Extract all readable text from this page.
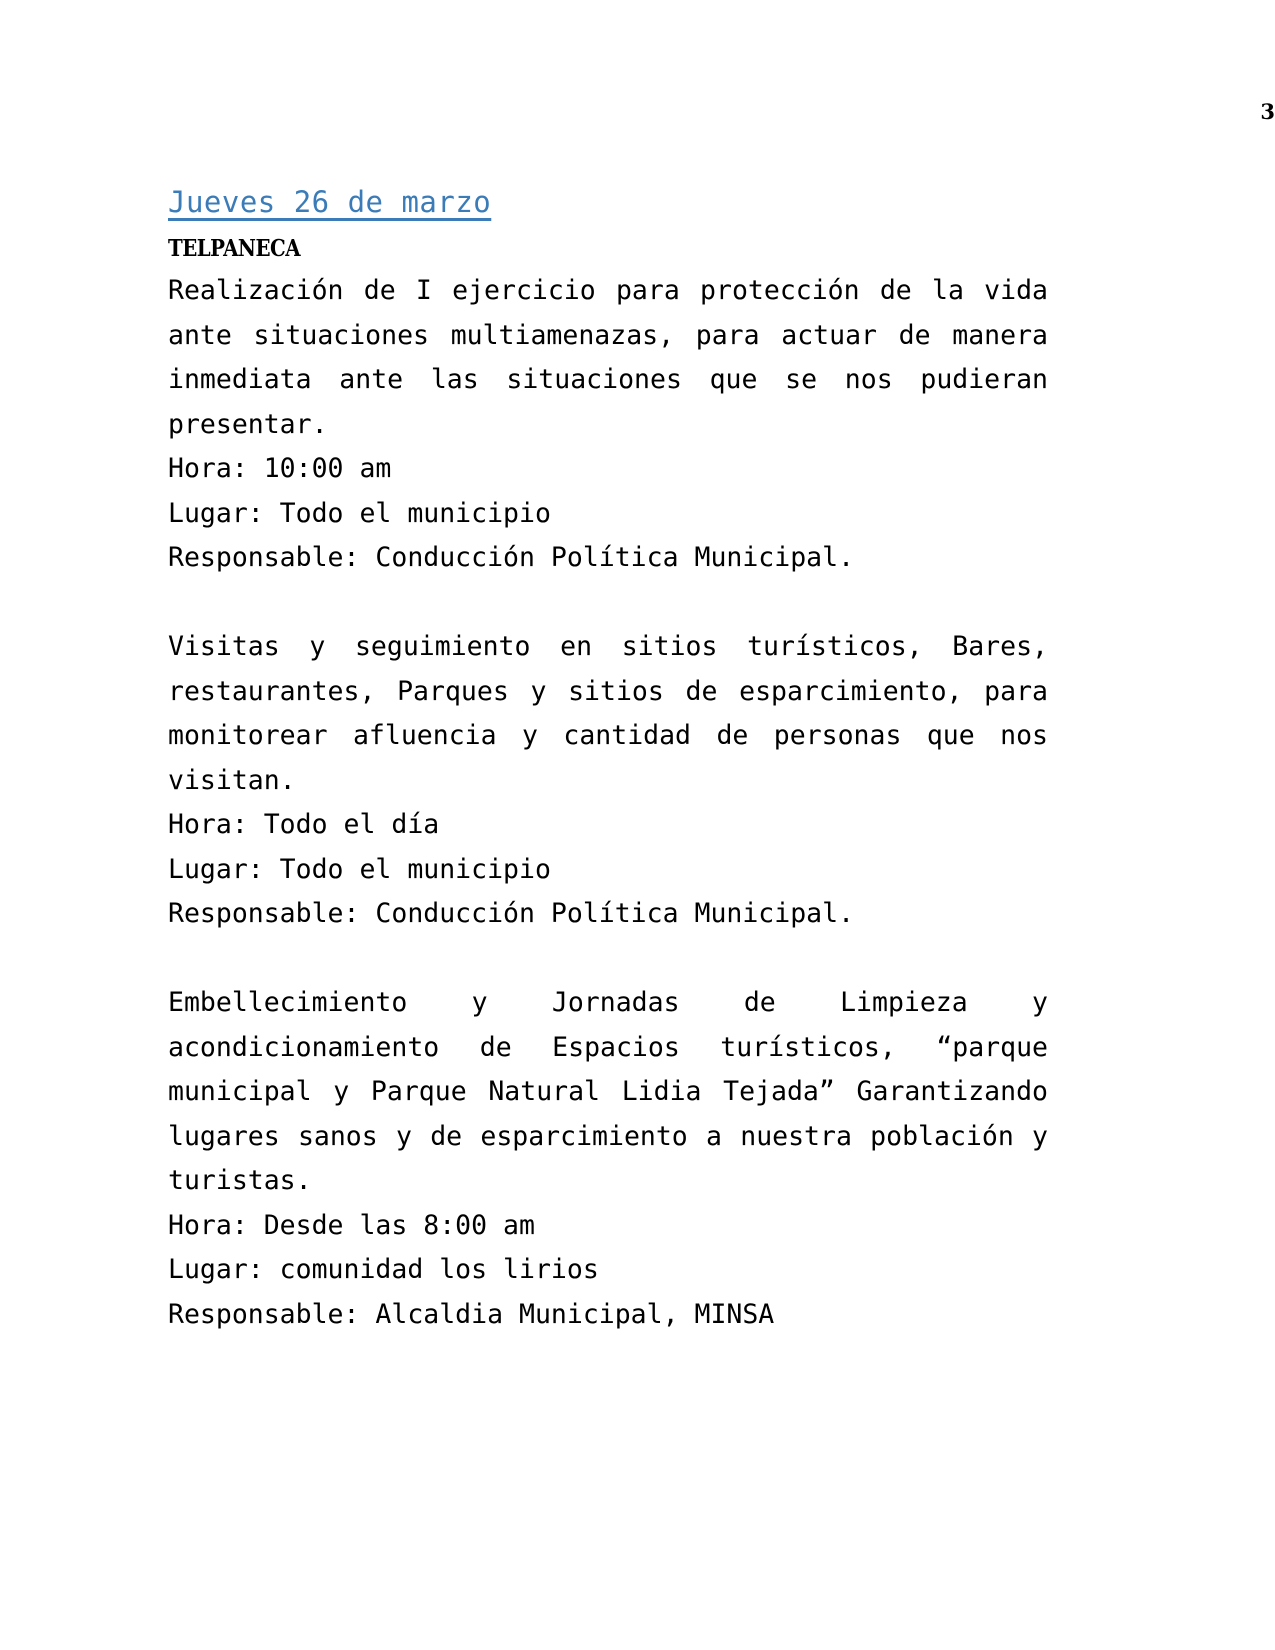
3
Jueves 26 de marzo
TELPANECA

Realización de I ejercicio para protección de la vida ante situaciones multiamenazas, para actuar de manera inmediata ante las situaciones que se nos pudieran presentar.

Hora: 10:00 am

Lugar: Todo el municipio

Responsable: Conducción Política Municipal.

Visitas y seguimiento en sitios turísticos, Bares, restaurantes, Parques y sitios de esparcimiento, para monitorear afluencia y cantidad de personas que nos visitan.

Hora: Todo el día

Lugar: Todo el municipio

Responsable: Conducción Política Municipal.

Embellecimiento y Jornadas de Limpieza y acondicionamiento de Espacios turísticos, “parque municipal y Parque Natural Lidia Tejada” Garantizando lugares sanos y de esparcimiento a nuestra población y turistas.

Hora: Desde las 8:00 am

Lugar: comunidad los lirios

Responsable: Alcaldia Municipal, MINSA
